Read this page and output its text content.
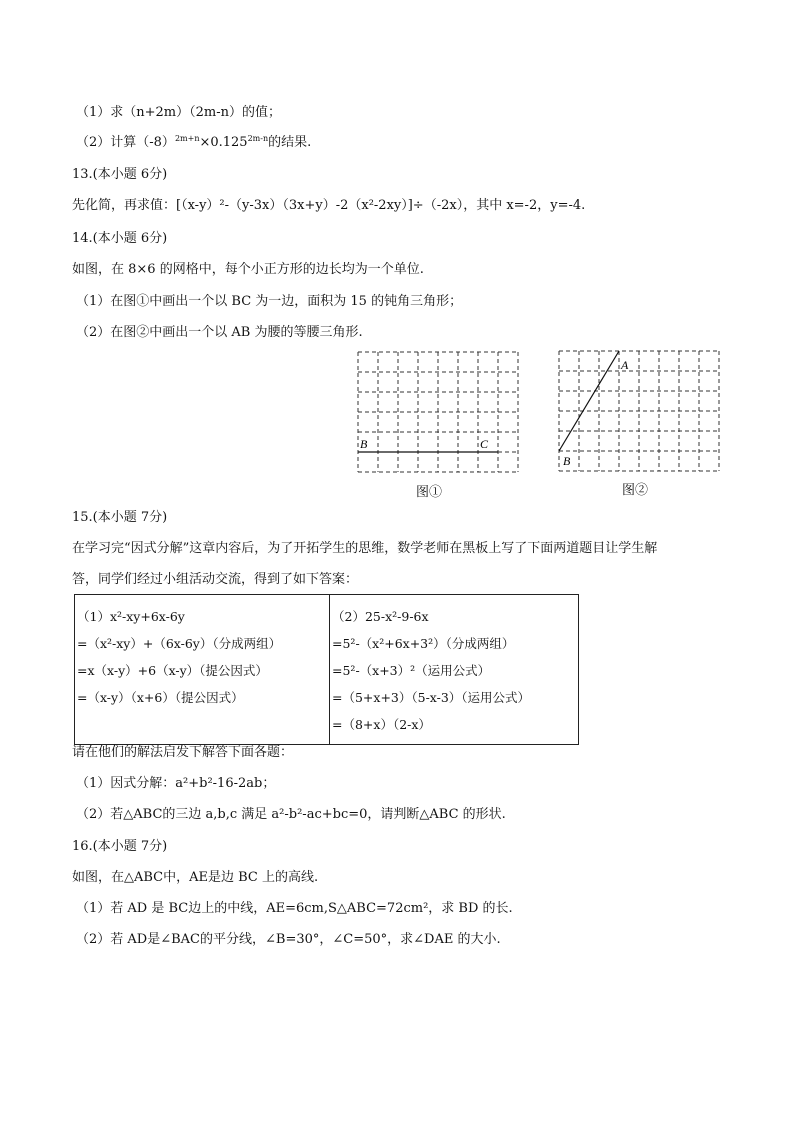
（1）求（n+2m）（2m-n）的值；
（2）计算$(-8)^{2m+n}\times 0.125^{2m-n}$的结果.
13.(本小题 6分)
先化简，再求值：[（x-y）²-（y-3x）（3x+y）-2（x²-2xy）]÷（-2x），其中 x=-2，y=-4.
14.(本小题 6分)
如图，在 8×6 的网格中，每个小正方形的边长均为一个单位.
（1）在图①中画出一个以 BC 为一边，面积为 15 的钝角三角形；
（2）在图②中画出一个以 AB 为腰的等腰三角形.
B	C
图①
A
B
图②
15.(本小题 7分)
在学习完“因式分解”这章内容后，为了开拓学生的思维，数学老师在黑板上写了下面两道题目让学生解
答，同学们经过小组活动交流，得到了如下答案：
（1）x²-xy+6x-6y
=（x²-xy）+（6x-6y）（分成两组）
=x（x-y）+6（x-y）（提公因式）
=（x-y）（x+6）（提公因式）

（2）25-x²-9-6x
=5²-（x²+6x+3²）（分成两组）
=5²-（x+3）²（运用公式）
=（5+x+3）（5-x-3）（运用公式）
=（8+x）（2-x）
请在他们的解法启发下解答下面各题：
（1）因式分解：a²+b²-16-2ab；
（2）若△ABC的三边 a,b,c 满足 a²-b²-ac+bc=0，请判断△ABC 的形状.
16.(本小题 7分)
如图，在△ABC中，AE是边 BC 上的高线.
（1）若 AD 是 BC边上的中线，AE=6cm,S△ABC=72cm²，求 BD 的长.
（2）若 AD是∠BAC的平分线，∠B=30°，∠C=50°，求∠DAE 的大小.
